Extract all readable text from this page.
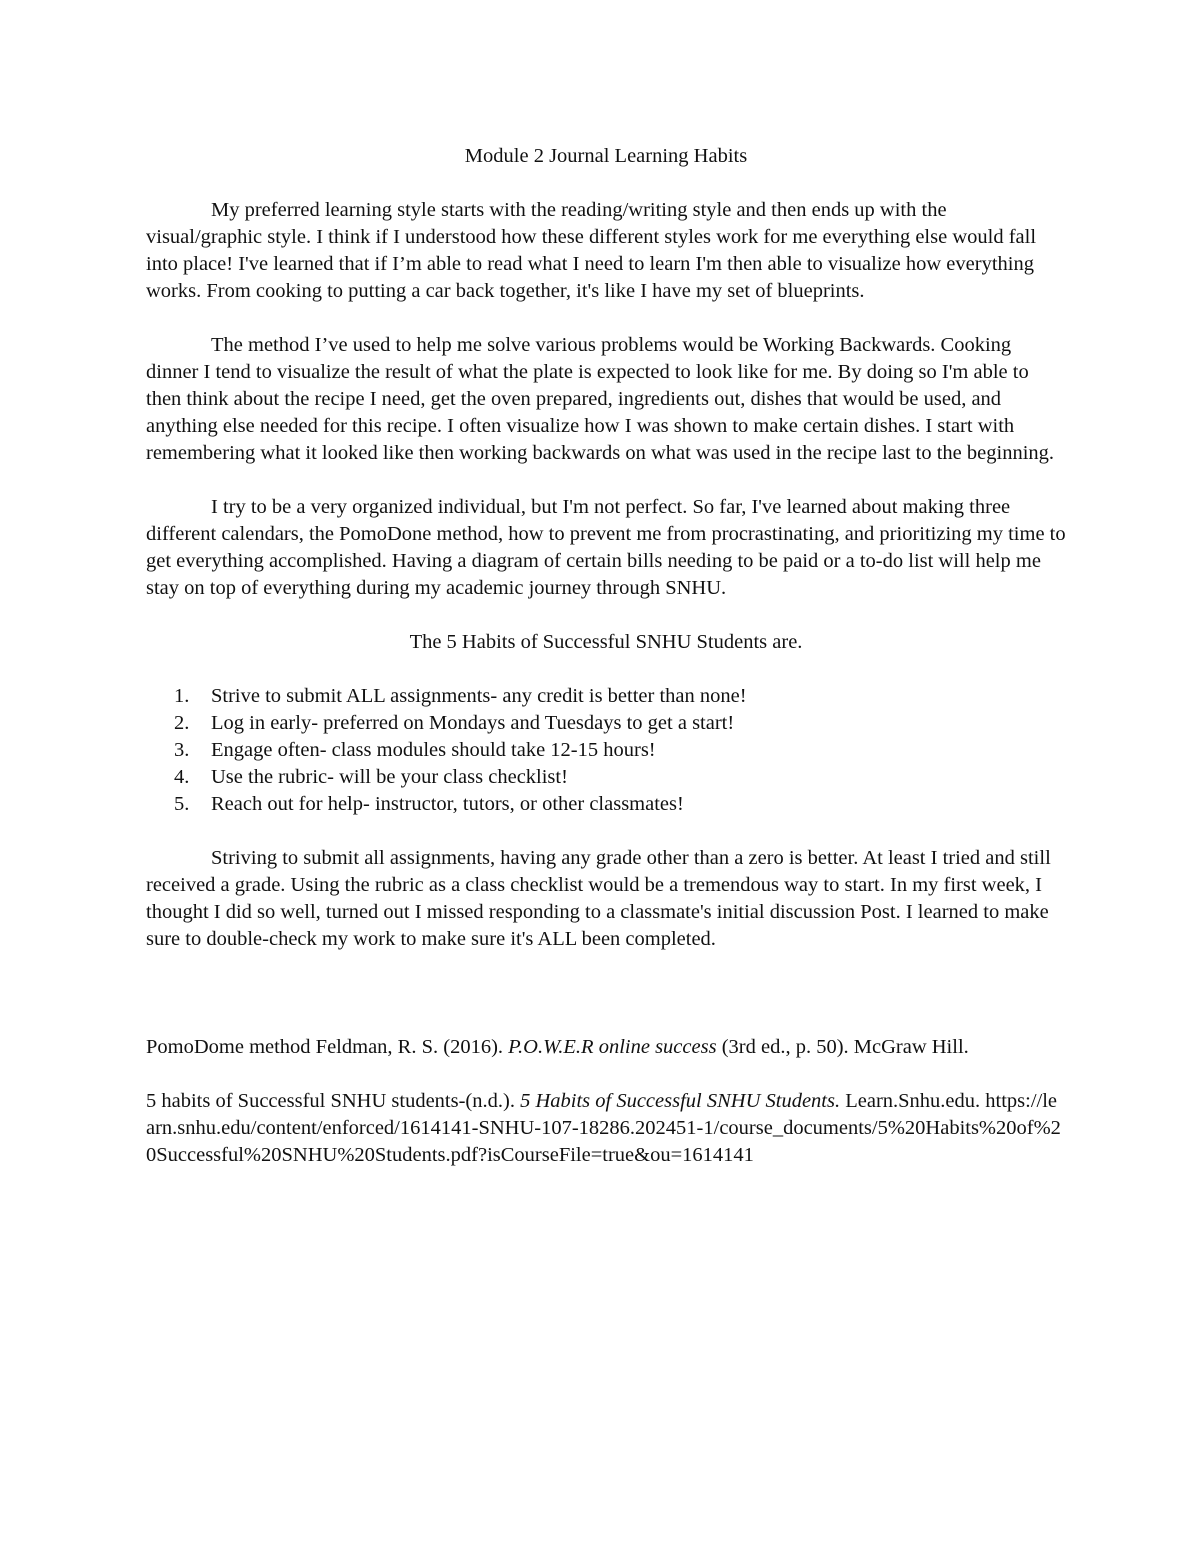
Module 2 Journal Learning Habits

My preferred learning style starts with the reading/writing style and then ends up with the visual/graphic style. I think if I understood how these different styles work for me everything else would fall into place! I've learned that if I’m able to read what I need to learn I'm then able to visualize how everything works. From cooking to putting a car back together, it's like I have my set of blueprints.

The method I’ve used to help me solve various problems would be Working Backwards. Cooking dinner I tend to visualize the result of what the plate is expected to look like for me. By doing so I'm able to then think about the recipe I need, get the oven prepared, ingredients out, dishes that would be used, and anything else needed for this recipe. I often visualize how I was shown to make certain dishes. I start with remembering what it looked like then working backwards on what was used in the recipe last to the beginning.

I try to be a very organized individual, but I'm not perfect. So far, I've learned about making three different calendars, the PomoDone method, how to prevent me from procrastinating, and prioritizing my time to get everything accomplished. Having a diagram of certain bills needing to be paid or a to-do list will help me stay on top of everything during my academic journey through SNHU.

The 5 Habits of Successful SNHU Students are.
1. Strive to submit ALL assignments- any credit is better than none!
2. Log in early- preferred on Mondays and Tuesdays to get a start!
3. Engage often- class modules should take 12-15 hours!
4. Use the rubric- will be your class checklist!
5. Reach out for help- instructor, tutors, or other classmates!

Striving to submit all assignments, having any grade other than a zero is better. At least I tried and still received a grade. Using the rubric as a class checklist would be a tremendous way to start. In my first week, I thought I did so well, turned out I missed responding to a classmate's initial discussion Post. I learned to make sure to double-check my work to make sure it's ALL been completed.

PomoDome method Feldman, R. S. (2016). P.O.W.E.R online success (3rd ed., p. 50). McGraw Hill.

5 habits of Successful SNHU students-(n.d.). 5 Habits of Successful SNHU Students. Learn.Snhu.edu. https://learn.snhu.edu/content/enforced/1614141-SNHU-107-18286.202451-1/course_documents/5%20Habits%20of%20Successful%20SNHU%20Students.pdf?isCourseFile=true&ou=1614141
